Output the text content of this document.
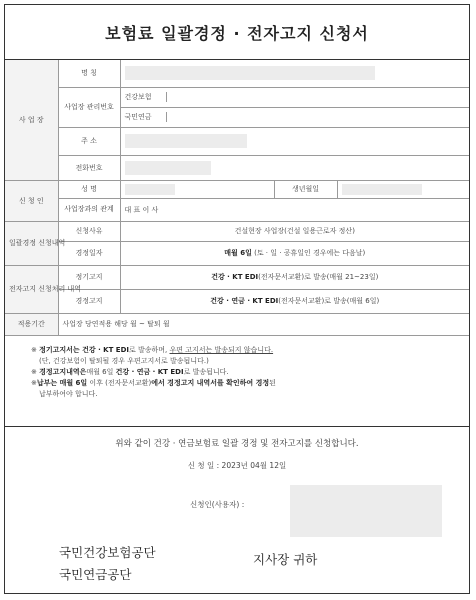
보험료 일괄경정 · 전자고지 신청서
사 업 장	명 칭			
	사업장 관리번호	건강보험		

국민연금		

	주 소			
	전화번호			
신 청 인	성 명		생년월일	
	사업장과의 관계	대 표 이 사		
일괄경정 신청내역	신청사유	건설현장 사업장(건설 일용근로자 정산)		
	경정일자	매월 6일 (토 · 일 · 공휴일인 경우에는 다음날)		
전자고지 신청처리 내역	정기고지	건강 · KT EDI(전자문서교환)로 발송(매월 21~23일)		
	경정고지	건강 · 연금 · KT EDI(전자문서교환)로 발송(매월 6일)		
적용기간	사업장 당연적용 해당 월 ~ 탈퇴 월			
※ 정기고지서는 건강 · KT EDI로 발송하며, 우편 고지서는 발송되지 않습니다.
(단, 건강보험이 탈퇴될 경우 우편고지서로 발송됩니다.)
※ 경정고지내역은매월 6일 건강 · 연금 · KT EDI로 발송됩니다.
※납부는 매월 6일 이후 (전자문서교환)에서 경정고지 내역서를 확인하여 경정된
납부하여야 합니다.
위와 같이 건강 · 연금보험료 일괄 경정 및 전자고지를 신청합니다.
신 청 일 : 2023년 04월 12일
신청인(사용자) :
국민건강보험공단
국민연금공단
지사장 귀하
